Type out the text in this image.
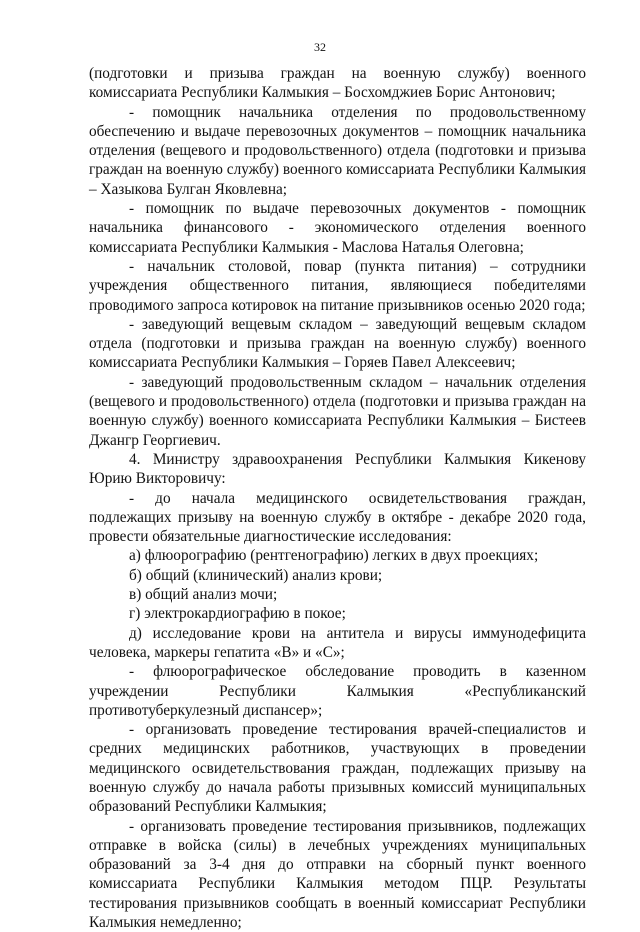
32

(подготовки и призыва граждан на военную службу) военного комиссариата Республики Калмыкия – Босхомджиев Борис Антонович;

- помощник начальника отделения по продовольственному обеспечению и выдаче перевозочных документов – помощник начальника отделения (вещевого и продовольственного) отдела (подготовки и призыва граждан на военную службу) военного комиссариата Республики Калмыкия – Хазыкова Булган Яковлевна;

- помощник по выдаче перевозочных документов - помощник начальника финансового - экономического отделения военного комиссариата Республики Калмыкия - Маслова Наталья Олеговна;

- начальник столовой, повар (пункта питания) – сотрудники учреждения общественного питания, являющиеся победителями проводимого запроса котировок на питание призывников осенью 2020 года;

- заведующий вещевым складом – заведующий вещевым складом отдела (подготовки и призыва граждан на военную службу) военного комиссариата Республики Калмыкия – Горяев Павел Алексеевич;

- заведующий продовольственным складом – начальник отделения (вещевого и продовольственного) отдела (подготовки и призыва граждан на военную службу) военного комиссариата Республики Калмыкия – Бистеев Джангр Георгиевич.

4. Министру здравоохранения Республики Калмыкия Кикенову Юрию Викторовичу:

- до начала медицинского освидетельствования граждан, подлежащих призыву на военную службу в октябре - декабре 2020 года, провести обязательные диагностические исследования:

а) флюорографию (рентгенографию) легких в двух проекциях;

б) общий (клинический) анализ крови;

в) общий анализ мочи;

г) электрокардиографию в покое;

д) исследование крови на антитела и вирусы иммунодефицита человека, маркеры гепатита «В» и «С»;

- флюорографическое обследование проводить в казенном учреждении Республики Калмыкия «Республиканский противотуберкулезный диспансер»;

- организовать проведение тестирования врачей-специалистов и средних медицинских работников, участвующих в проведении медицинского освидетельствования граждан, подлежащих призыву на военную службу до начала работы призывных комиссий муниципальных образований Республики Калмыкия;

- организовать проведение тестирования призывников, подлежащих отправке в войска (силы) в лечебных учреждениях муниципальных образований за 3-4 дня до отправки на сборный пункт военного комиссариата Республики Калмыкия методом ПЦР. Результаты тестирования призывников сообщать в военный комиссариат Республики Калмыкия немедленно;
